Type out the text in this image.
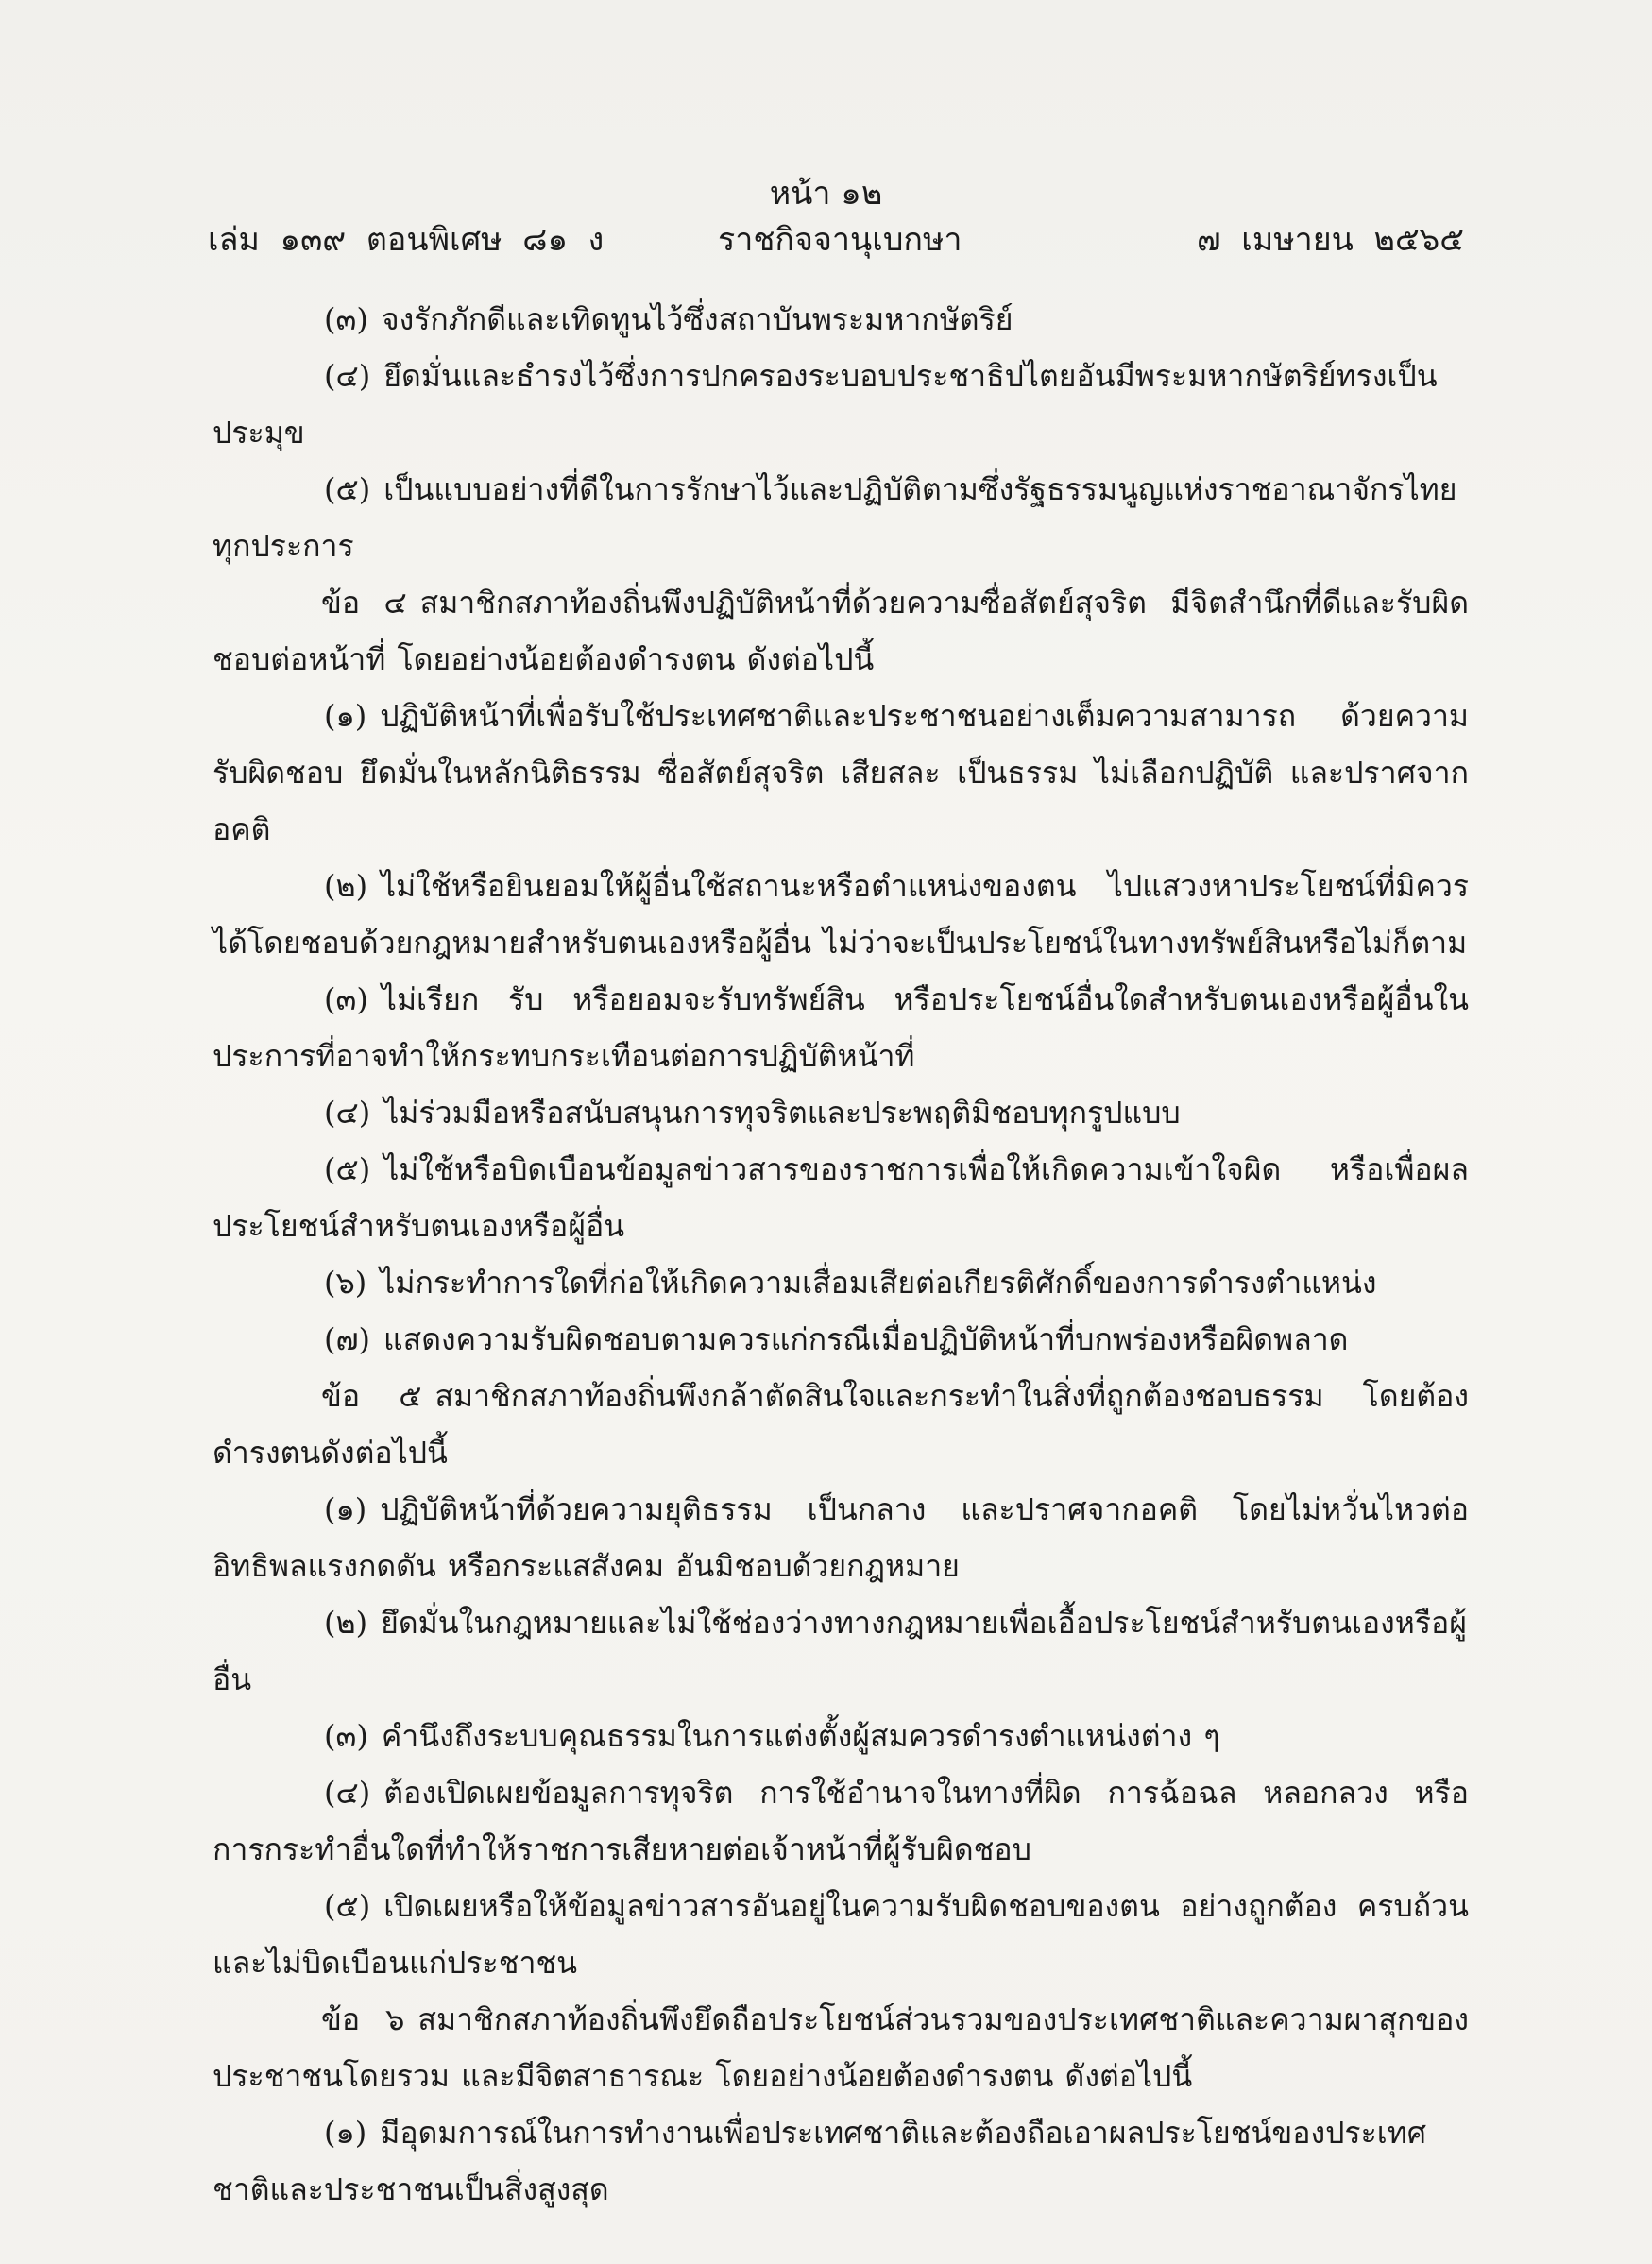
หน้า ๑๒
เล่ม  ๑๓๙  ตอนพิเศษ  ๘๑  ง	ราชกิจจานุเบกษา	๗  เมษายน  ๒๕๖๕

(๓) จงรักภักดีและเทิดทูนไว้ซึ่งสถาบันพระมหากษัตริย์

(๔) ยึดมั่นและธำรงไว้ซึ่งการปกครองระบอบประชาธิปไตยอันมีพระมหากษัตริย์ทรงเป็นประมุข

(๕) เป็นแบบอย่างที่ดีในการรักษาไว้และปฏิบัติตามซึ่งรัฐธรรมนูญแห่งราชอาณาจักรไทยทุกประการ

ข้อ ๔ สมาชิกสภาท้องถิ่นพึงปฏิบัติหน้าที่ด้วยความซื่อสัตย์สุจริต มีจิตสำนึกที่ดีและรับผิดชอบต่อหน้าที่ โดยอย่างน้อยต้องดำรงตน ดังต่อไปนี้

(๑) ปฏิบัติหน้าที่เพื่อรับใช้ประเทศชาติและประชาชนอย่างเต็มความสามารถ ด้วยความรับผิดชอบ ยึดมั่นในหลักนิติธรรม ซื่อสัตย์สุจริต เสียสละ เป็นธรรม ไม่เลือกปฏิบัติ และปราศจากอคติ

(๒) ไม่ใช้หรือยินยอมให้ผู้อื่นใช้สถานะหรือตำแหน่งของตน ไปแสวงหาประโยชน์ที่มิควรได้โดยชอบด้วยกฎหมายสำหรับตนเองหรือผู้อื่น ไม่ว่าจะเป็นประโยชน์ในทางทรัพย์สินหรือไม่ก็ตาม

(๓) ไม่เรียก รับ หรือยอมจะรับทรัพย์สิน หรือประโยชน์อื่นใดสำหรับตนเองหรือผู้อื่นในประการที่อาจทำให้กระทบกระเทือนต่อการปฏิบัติหน้าที่

(๔) ไม่ร่วมมือหรือสนับสนุนการทุจริตและประพฤติมิชอบทุกรูปแบบ

(๕) ไม่ใช้หรือบิดเบือนข้อมูลข่าวสารของราชการเพื่อให้เกิดความเข้าใจผิด หรือเพื่อผลประโยชน์สำหรับตนเองหรือผู้อื่น

(๖) ไม่กระทำการใดที่ก่อให้เกิดความเสื่อมเสียต่อเกียรติศักดิ์ของการดำรงตำแหน่ง

(๗) แสดงความรับผิดชอบตามควรแก่กรณีเมื่อปฏิบัติหน้าที่บกพร่องหรือผิดพลาด

ข้อ ๕ สมาชิกสภาท้องถิ่นพึงกล้าตัดสินใจและกระทำในสิ่งที่ถูกต้องชอบธรรม โดยต้องดำรงตนดังต่อไปนี้

(๑) ปฏิบัติหน้าที่ด้วยความยุติธรรม เป็นกลาง และปราศจากอคติ โดยไม่หวั่นไหวต่ออิทธิพลแรงกดดัน หรือกระแสสังคม อันมิชอบด้วยกฎหมาย

(๒) ยึดมั่นในกฎหมายและไม่ใช้ช่องว่างทางกฎหมายเพื่อเอื้อประโยชน์สำหรับตนเองหรือผู้อื่น

(๓) คำนึงถึงระบบคุณธรรมในการแต่งตั้งผู้สมควรดำรงตำแหน่งต่าง ๆ

(๔) ต้องเปิดเผยข้อมูลการทุจริต การใช้อำนาจในทางที่ผิด การฉ้อฉล หลอกลวง หรือการกระทำอื่นใดที่ทำให้ราชการเสียหายต่อเจ้าหน้าที่ผู้รับผิดชอบ

(๕) เปิดเผยหรือให้ข้อมูลข่าวสารอันอยู่ในความรับผิดชอบของตน อย่างถูกต้อง ครบถ้วนและไม่บิดเบือนแก่ประชาชน

ข้อ ๖ สมาชิกสภาท้องถิ่นพึงยึดถือประโยชน์ส่วนรวมของประเทศชาติและความผาสุกของประชาชนโดยรวม และมีจิตสาธารณะ โดยอย่างน้อยต้องดำรงตน ดังต่อไปนี้

(๑) มีอุดมการณ์ในการทำงานเพื่อประเทศชาติและต้องถือเอาผลประโยชน์ของประเทศชาติและประชาชนเป็นสิ่งสูงสุด
